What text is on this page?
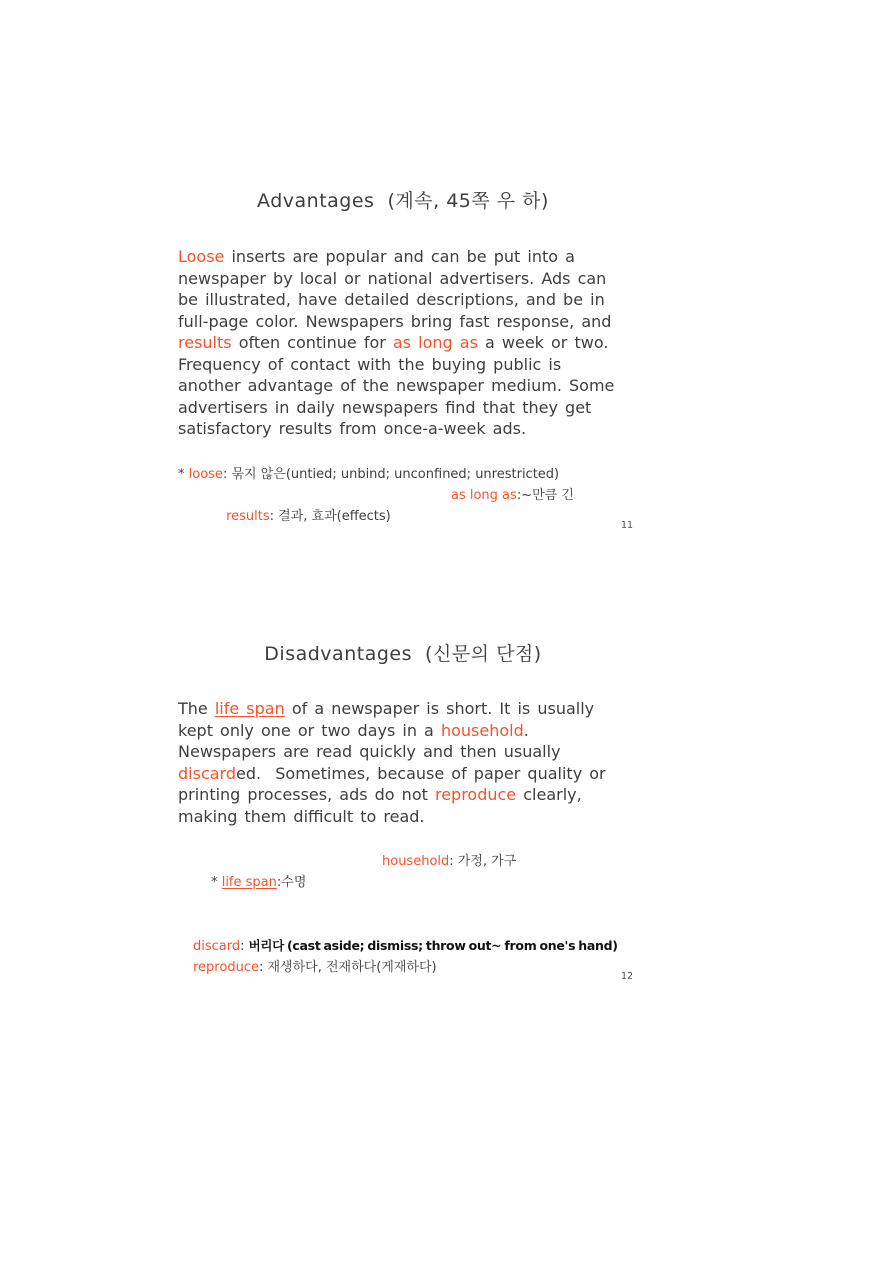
Advantages  (계속, 45쪽 우 하)
Loose inserts are popular and can be put into a
newspaper by local or national advertisers. Ads can
be illustrated, have detailed descriptions, and be in
full-page color. Newspapers bring fast response, and
results often continue for as long as a week or two.
Frequency of contact with the buying public is
another advantage of the newspaper medium. Some
advertisers in daily newspapers find that they get
satisfactory results from once-a-week ads.
* loose: 묶지 않은(untied; unbind; unconfined; unrestricted)

results: 결과, 효과(effects)

as long as:~만큼 긴

11
Disadvantages  (신문의 단점)
The life span of a newspaper is short. It is usually
kept only one or two days in a household.
Newspapers are read quickly and then usually
discarded.  Sometimes, because of paper quality or
printing processes, ads do not reproduce clearly,
making them difficult to read.

* life span:수명

household: 가정, 가구

discard: 버리다 (cast aside; dismiss; throw out~ from one's hand)
reproduce: 재생하다, 전재하다(게재하다)
12
